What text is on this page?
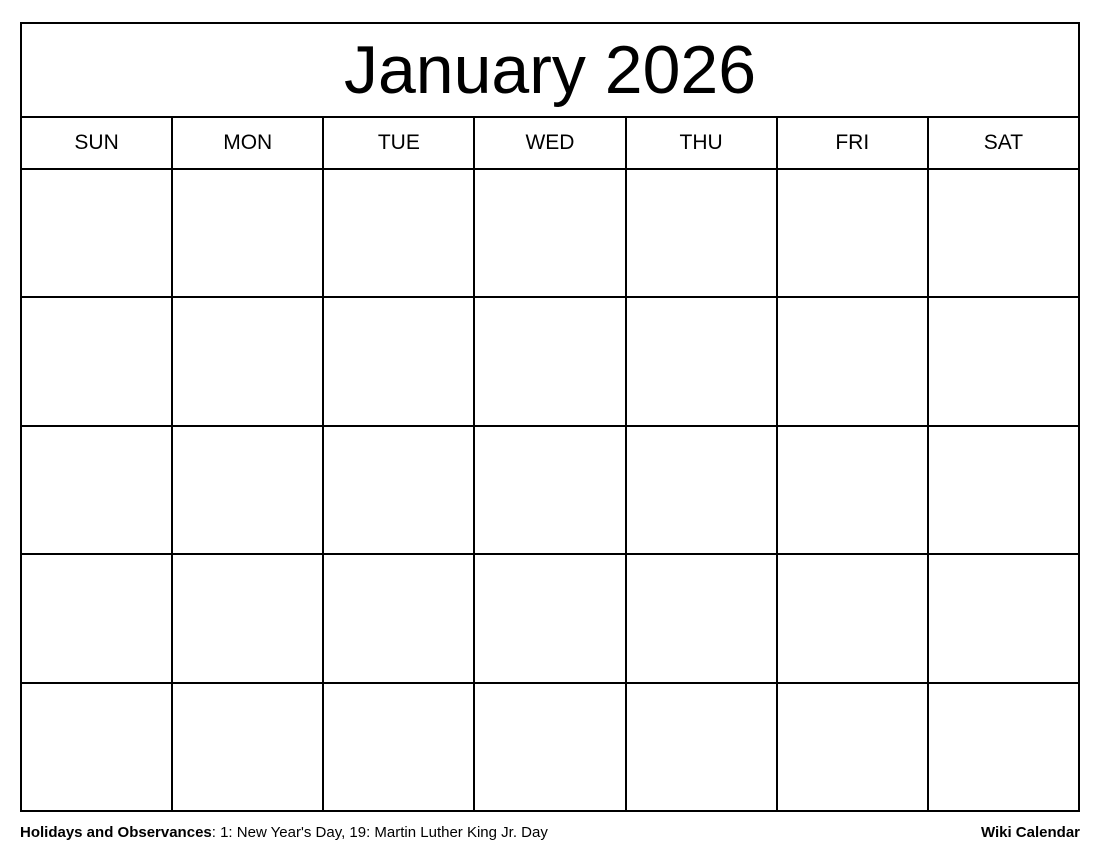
January 2026
SUN	MON	TUE	WED	THU	FRI	SAT
Holidays and Observances: 1: New Year's Day, 19: Martin Luther King Jr. Day	Wiki Calendar
